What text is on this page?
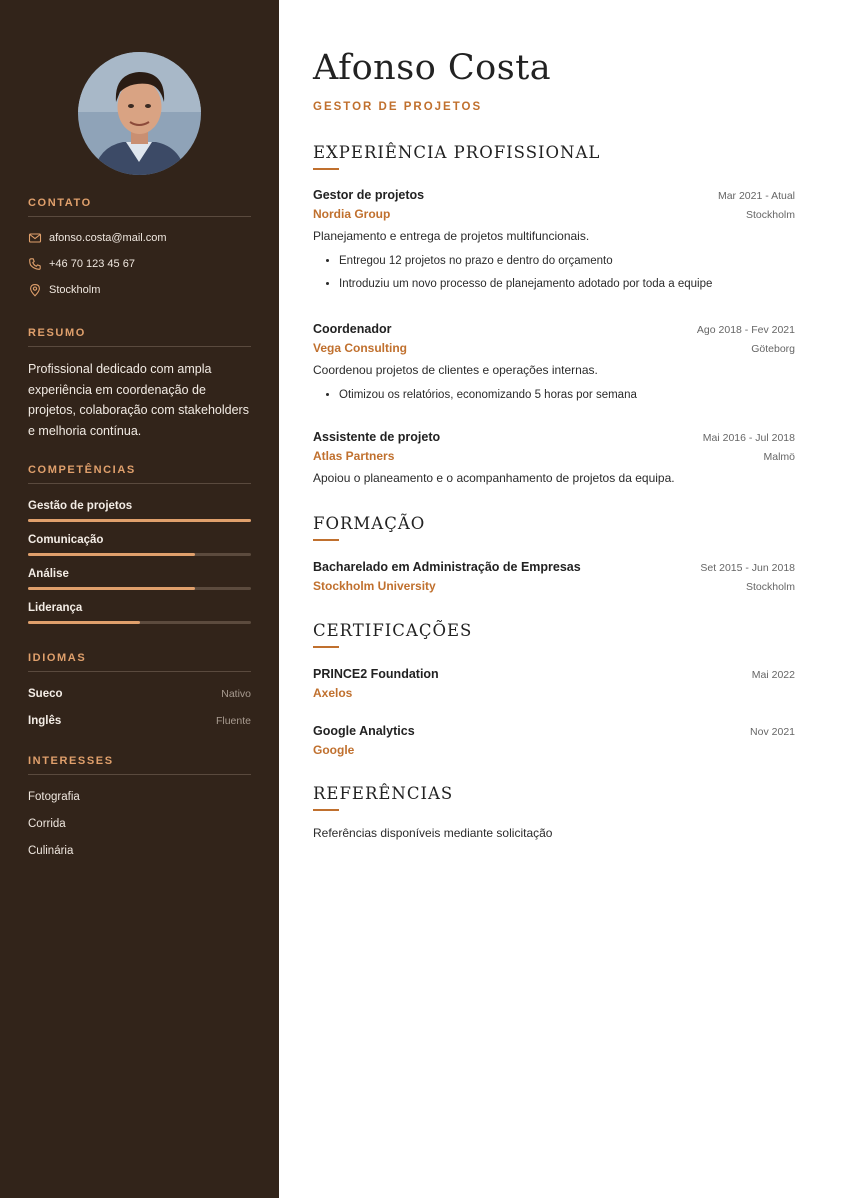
CONTATO
afonso.costa@mail.com
+46 70 123 45 67
Stockholm
RESUMO
Profissional dedicado com ampla experiência em coordenação de projetos, colaboração com stakeholders e melhoria contínua.
COMPETÊNCIAS
Gestão de projetos
Comunicação
Análise
Liderança
IDIOMAS
Sueco	Nativo
Inglês	Fluente
INTERESSES
Fotografia
Corrida
Culinária
Afonso Costa
GESTOR DE PROJETOS
EXPERIÊNCIA PROFISSIONAL
Gestor de projetos	Mar 2021 - Atual
Nordia Group	Stockholm
Planejamento e entrega de projetos multifuncionais.
• Entregou 12 projetos no prazo e dentro do orçamento
• Introduziu um novo processo de planejamento adotado por toda a equipe
Coordenador	Ago 2018 - Fev 2021
Vega Consulting	Göteborg
Coordenou projetos de clientes e operações internas.
• Otimizou os relatórios, economizando 5 horas por semana
Assistente de projeto	Mai 2016 - Jul 2018
Atlas Partners	Malmö
Apoiou o planeamento e o acompanhamento de projetos da equipa.
FORMAÇÃO
Bacharelado em Administração de Empresas	Set 2015 - Jun 2018
Stockholm University	Stockholm
CERTIFICAÇÕES
PRINCE2 Foundation	Mai 2022
Axelos
Google Analytics	Nov 2021
Google
REFERÊNCIAS
Referências disponíveis mediante solicitação
